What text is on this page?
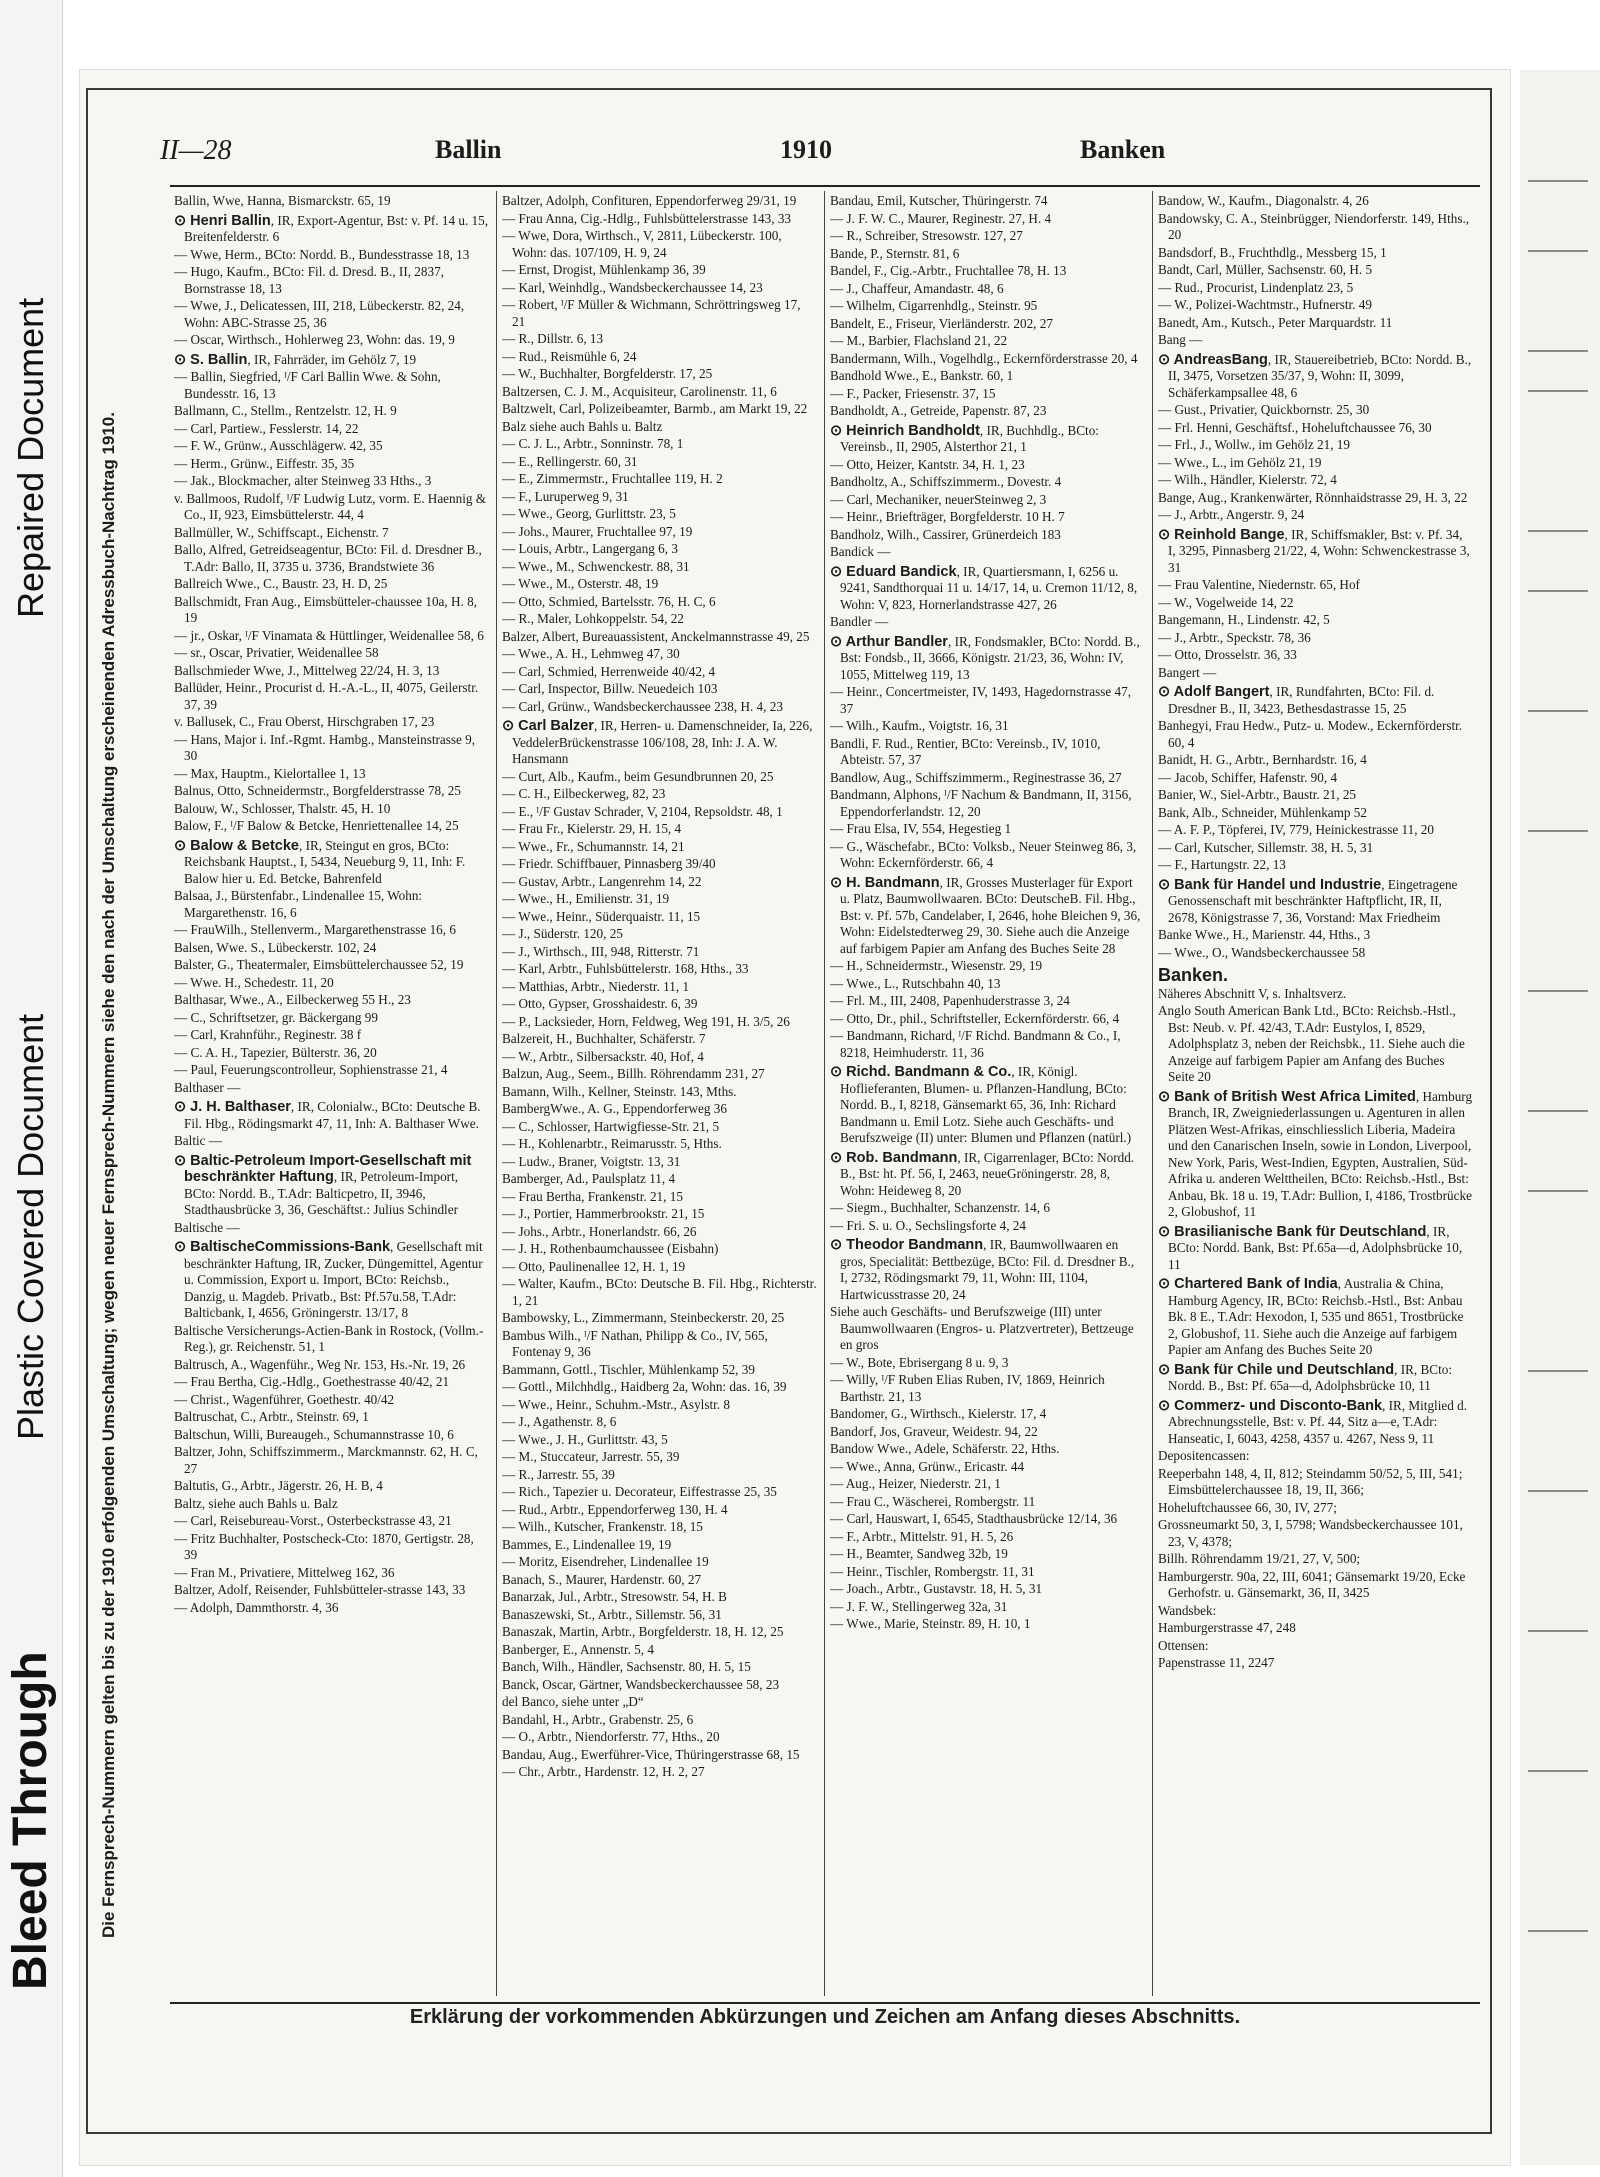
Repaired Document
Plastic Covered Document
Bleed Through
II—28	Ballin	1910	Banken
Die Fernsprech-Nummern gelten bis zu der 1910 erfolgenden Umschaltung; wegen neuer Fernsprech-Nummern siehe den nach der Umschaltung erscheinenden Adressbuch-Nachtrag 1910.
Ballin, Wwe, Hanna, Bismarckstr. 65, 19
⊙ Henri Ballin, IR, Export-Agentur, Bst: v. Pf. 14 u. 15, Breitenfelderstr. 6
— Wwe, Herm., BCto: Nordd. B., Bundesstrasse 18, 13
— Hugo, Kaufm., BCto: Fil. d. Dresd. B., II, 2837, Bornstrasse 18, 13
— Wwe, J., Delicatessen, III, 218, Lübeckerstr. 82, 24, Wohn: ABC-Strasse 25, 36
— Oscar, Wirthsch., Hohlerweg 23, Wohn: das. 19, 9
⊙ S. Ballin, IR, Fahrräder, im Gehölz 7, 19
— Ballin, Siegfried, ᴵ/F Carl Ballin Wwe. & Sohn, Bundesstr. 16, 13
Ballmann, C., Stellm., Rentzelstr. 12, H. 9
— Carl, Partiew., Fesslerstr. 14, 22
— F. W., Grünw., Ausschlägerw. 42, 35
— Herm., Grünw., Eiffestr. 35, 35
— Jak., Blockmacher, alter Steinweg 33 Hths., 3
v. Ballmoos, Rudolf, ᴵ/F Ludwig Lutz, vorm. E. Haennig & Co., II, 923, Eimsbüttelerstr. 44, 4
Ballmüller, W., Schiffscapt., Eichenstr. 7
Ballo, Alfred, Getreidseagentur, BCto: Fil. d. Dresdner B., T.Adr: Ballo, II, 3735 u. 3736, Brandstwiete 36
Ballreich Wwe., C., Baustr. 23, H. D, 25
Ballschmidt, Fran Aug., Eimsbütteler-chaussee 10a, H. 8, 19
— jr., Oskar, ᴵ/F Vinamata & Hüttlinger, Weidenallee 58, 6
— sr., Oscar, Privatier, Weidenallee 58
Ballschmieder Wwe, J., Mittelweg 22/24, H. 3, 13
Ballüder, Heinr., Procurist d. H.-A.-L., II, 4075, Geilerstr. 37, 39
v. Ballusek, C., Frau Oberst, Hirschgraben 17, 23
— Hans, Major i. Inf.-Rgmt. Hambg., Mansteinstrasse 9, 30
— Max, Hauptm., Kielortallee 1, 13
Balnus, Otto, Schneidermstr., Borgfelderstrasse 78, 25
Balouw, W., Schlosser, Thalstr. 45, H. 10
Balow, F., ᴵ/F Balow & Betcke, Henriettenallee 14, 25
⊙ Balow & Betcke, IR, Steingut en gros, BCto: Reichsbank Hauptst., I, 5434, Neueburg 9, 11, Inh: F. Balow hier u. Ed. Betcke, Bahrenfeld
Balsaa, J., Bürstenfabr., Lindenallee 15, Wohn: Margarethenstr. 16, 6
— FrauWilh., Stellenverm., Margarethenstrasse 16, 6
Balsen, Wwe. S., Lübeckerstr. 102, 24
Balster, G., Theatermaler, Eimsbüttelerchaussee 52, 19
— Wwe. H., Schedestr. 11, 20
Balthasar, Wwe., A., Eilbeckerweg 55 H., 23
— C., Schriftsetzer, gr. Bäckergang 99
— Carl, Krahnführ., Reginestr. 38 f
— C. A. H., Tapezier, Bülterstr. 36, 20
— Paul, Feuerungscontrolleur, Sophienstrasse 21, 4
Balthaser —
⊙ J. H. Balthaser, IR, Colonialw., BCto: Deutsche B. Fil. Hbg., Rödingsmarkt 47, 11, Inh: A. Balthaser Wwe.
Baltic —
⊙ Baltic-Petroleum Import-Gesellschaft mit beschränkter Haftung, IR, Petroleum-Import, BCto: Nordd. B., T.Adr: Balticpetro, II, 3946, Stadthausbrücke 3, 36, Geschäftst.: Julius Schindler
Baltische —
⊙ BaltischeCommissions-Bank, Gesellschaft mit beschränkter Haftung, IR, Zucker, Düngemittel, Agentur u. Commission, Export u. Import, BCto: Reichsb., Danzig, u. Magdeb. Privatb., Bst: Pf.57u.58, T.Adr: Balticbank, I, 4656, Gröningerstr. 13/17, 8
Baltische Versicherungs-Actien-Bank in Rostock, (Vollm.-Reg.), gr. Reichenstr. 51, 1
Baltrusch, A., Wagenführ., Weg Nr. 153, Hs.-Nr. 19, 26
— Frau Bertha, Cig.-Hdlg., Goethestrasse 40/42, 21
— Christ., Wagenführer, Goethestr. 40/42
Baltruschat, C., Arbtr., Steinstr. 69, 1
Baltschun, Willi, Bureaugeh., Schumannstrasse 10, 6
Baltzer, John, Schiffszimmerm., Marckmannstr. 62, H. C, 27
Baltutis, G., Arbtr., Jägerstr. 26, H. B, 4
Baltz, siehe auch Bahls u. Balz
— Carl, Reisebureau-Vorst., Osterbeckstrasse 43, 21
— Fritz Buchhalter, Postscheck-Cto: 1870, Gertigstr. 28, 39
— Fran M., Privatiere, Mittelweg 162, 36
Baltzer, Adolf, Reisender, Fuhlsbütteler-strasse 143, 33
— Adolph, Dammthorstr. 4, 36
Baltzer, Adolph, Confituren, Eppendorferweg 29/31, 19
— Frau Anna, Cig.-Hdlg., Fuhlsbüttelerstrasse 143, 33
— Wwe, Dora, Wirthsch., V, 2811, Lübeckerstr. 100, Wohn: das. 107/109, H. 9, 24
— Ernst, Drogist, Mühlenkamp 36, 39
— Karl, Weinhdlg., Wandsbeckerchaussee 14, 23
— Robert, ᴵ/F Müller & Wichmann, Schröttringsweg 17, 21
— R., Dillstr. 6, 13
— Rud., Reismühle 6, 24
— W., Buchhalter, Borgfelderstr. 17, 25
Baltzersen, C. J. M., Acquisiteur, Carolinenstr. 11, 6
Baltzwelt, Carl, Polizeibeamter, Barmb., am Markt 19, 22
Balz siehe auch Bahls u. Baltz
— C. J. L., Arbtr., Sonninstr. 78, 1
— E., Rellingerstr. 60, 31
— E., Zimmermstr., Fruchtallee 119, H. 2
— F., Luruperweg 9, 31
— Wwe., Georg, Gurlittstr. 23, 5
— Johs., Maurer, Fruchtallee 97, 19
— Louis, Arbtr., Langergang 6, 3
— Wwe., M., Schwenckestr. 88, 31
— Wwe., M., Osterstr. 48, 19
— Otto, Schmied, Bartelsstr. 76, H. C, 6
— R., Maler, Lohkoppelstr. 54, 22
Balzer, Albert, Bureauassistent, Anckelmannstrasse 49, 25
— Wwe., A. H., Lehmweg 47, 30
— Carl, Schmied, Herrenweide 40/42, 4
— Carl, Inspector, Billw. Neuedeich 103
— Carl, Grünw., Wandsbeckerchaussee 238, H. 4, 23
⊙ Carl Balzer, IR, Herren- u. Damenschneider, Ia, 226, VeddelerBrückenstrasse 106/108, 28, Inh: J. A. W. Hansmann
— Curt, Alb., Kaufm., beim Gesundbrunnen 20, 25
— C. H., Eilbeckerweg, 82, 23
— E., ᴵ/F Gustav Schrader, V, 2104, Repsoldstr. 48, 1
— Frau Fr., Kielerstr. 29, H. 15, 4
— Wwe., Fr., Schumannstr. 14, 21
— Friedr. Schiffbauer, Pinnasberg 39/40
— Gustav, Arbtr., Langenrehm 14, 22
— Wwe., H., Emilienstr. 31, 19
— Wwe., Heinr., Süderquaistr. 11, 15
— J., Süderstr. 120, 25
— J., Wirthsch., III, 948, Ritterstr. 71
— Karl, Arbtr., Fuhlsbüttelerstr. 168, Hths., 33
— Matthias, Arbtr., Niederstr. 11, 1
— Otto, Gypser, Grosshaidestr. 6, 39
— P., Lacksieder, Horn, Feldweg, Weg 191, H. 3/5, 26
Balzereit, H., Buchhalter, Schäferstr. 7
— W., Arbtr., Silbersackstr. 40, Hof, 4
Balzun, Aug., Seem., Billh. Röhrendamm 231, 27
Bamann, Wilh., Kellner, Steinstr. 143, Mths.
BambergWwe., A. G., Eppendorferweg 36
— C., Schlosser, Hartwigfiesse-Str. 21, 5
— H., Kohlenarbtr., Reimarusstr. 5, Hths.
— Ludw., Braner, Voigtstr. 13, 31
Bamberger, Ad., Paulsplatz 11, 4
— Frau Bertha, Frankenstr. 21, 15
— J., Portier, Hammerbrookstr. 21, 15
— Johs., Arbtr., Honerlandstr. 66, 26
— J. H., Rothenbaumchaussee (Eisbahn)
— Otto, Paulinenallee 12, H. 1, 19
— Walter, Kaufm., BCto: Deutsche B. Fil. Hbg., Richterstr. 1, 21
Bambowsky, L., Zimmermann, Steinbeckerstr. 20, 25
Bambus Wilh., ᴵ/F Nathan, Philipp & Co., IV, 565, Fontenay 9, 36
Bammann, Gottl., Tischler, Mühlenkamp 52, 39
— Gottl., Milchhdlg., Haidberg 2a, Wohn: das. 16, 39
— Wwe., Heinr., Schuhm.-Mstr., Asylstr. 8
— J., Agathenstr. 8, 6
— Wwe., J. H., Gurlittstr. 43, 5
— M., Stuccateur, Jarrestr. 55, 39
— R., Jarrestr. 55, 39
— Rich., Tapezier u. Decorateur, Eiffestrasse 25, 35
— Rud., Arbtr., Eppendorferweg 130, H. 4
— Wilh., Kutscher, Frankenstr. 18, 15
Bammes, E., Lindenallee 19, 19
— Moritz, Eisendreher, Lindenallee 19
Banach, S., Maurer, Hardenstr. 60, 27
Banarzak, Jul., Arbtr., Stresowstr. 54, H. B
Banaszewski, St., Arbtr., Sillemstr. 56, 31
Banaszak, Martin, Arbtr., Borgfelderstr. 18, H. 12, 25
Banberger, E., Annenstr. 5, 4
Banch, Wilh., Händler, Sachsenstr. 80, H. 5, 15
Banck, Oscar, Gärtner, Wandsbeckerchaussee 58, 23
del Banco, siehe unter „D“
Bandahl, H., Arbtr., Grabenstr. 25, 6
— O., Arbtr., Niendorferstr. 77, Hths., 20
Bandau, Aug., Ewerführer-Vice, Thüringerstrasse 68, 15
— Chr., Arbtr., Hardenstr. 12, H. 2, 27
Bandau, Emil, Kutscher, Thüringerstr. 74
— J. F. W. C., Maurer, Reginestr. 27, H. 4
— R., Schreiber, Stresowstr. 127, 27
Bande, P., Sternstr. 81, 6
Bandel, F., Cig.-Arbtr., Fruchtallee 78, H. 13
— J., Chaffeur, Amandastr. 48, 6
— Wilhelm, Cigarrenhdlg., Steinstr. 95
Bandelt, E., Friseur, Vierländerstr. 202, 27
— M., Barbier, Flachsland 21, 22
Bandermann, Wilh., Vogelhdlg., Eckernförderstrasse 20, 4
Bandhold Wwe., E., Bankstr. 60, 1
— F., Packer, Friesenstr. 37, 15
Bandholdt, A., Getreide, Papenstr. 87, 23
⊙ Heinrich Bandholdt, IR, Buchhdlg., BCto: Vereinsb., II, 2905, Alsterthor 21, 1
— Otto, Heizer, Kantstr. 34, H. 1, 23
Bandholtz, A., Schiffszimmerm., Dovestr. 4
— Carl, Mechaniker, neuerSteinweg 2, 3
— Heinr., Briefträger, Borgfelderstr. 10 H. 7
Bandholz, Wilh., Cassirer, Grünerdeich 183
Bandick —
⊙ Eduard Bandick, IR, Quartiersmann, I, 6256 u. 9241, Sandthorquai 11 u. 14/17, 14, u. Cremon 11/12, 8, Wohn: V, 823, Hornerlandstrasse 427, 26
Bandler —
⊙ Arthur Bandler, IR, Fondsmakler, BCto: Nordd. B., Bst: Fondsb., II, 3666, Königstr. 21/23, 36, Wohn: IV, 1055, Mittelweg 119, 13
— Heinr., Concertmeister, IV, 1493, Hagedornstrasse 47, 37
— Wilh., Kaufm., Voigtstr. 16, 31
Bandli, F. Rud., Rentier, BCto: Vereinsb., IV, 1010, Abteistr. 57, 37
Bandlow, Aug., Schiffszimmerm., Reginestrasse 36, 27
Bandmann, Alphons, ᴵ/F Nachum & Bandmann, II, 3156, Eppendorferlandstr. 12, 20
— Frau Elsa, IV, 554, Hegestieg 1
— G., Wäschefabr., BCto: Volksb., Neuer Steinweg 86, 3, Wohn: Eckernförderstr. 66, 4
⊙ H. Bandmann, IR, Grosses Musterlager für Export u. Platz, Baumwollwaaren. BCto: DeutscheB. Fil. Hbg., Bst: v. Pf. 57b, Candelaber, I, 2646, hohe Bleichen 9, 36, Wohn: Eidelstedterweg 29, 30. Siehe auch die Anzeige auf farbigem Papier am Anfang des Buches Seite 28
— H., Schneidermstr., Wiesenstr. 29, 19
— Wwe., L., Rutschbahn 40, 13
— Frl. M., III, 2408, Papenhuderstrasse 3, 24
— Otto, Dr., phil., Schriftsteller, Eckernförderstr. 66, 4
— Bandmann, Richard, ᴵ/F Richd. Bandmann & Co., I, 8218, Heimhuderstr. 11, 36
⊙ Richd. Bandmann & Co., IR, Königl. Hoflieferanten, Blumen- u. Pflanzen-Handlung, BCto: Nordd. B., I, 8218, Gänsemarkt 65, 36, Inh: Richard Bandmann u. Emil Lotz. Siehe auch Geschäfts- und Berufszweige (II) unter: Blumen und Pflanzen (natürl.)
⊙ Rob. Bandmann, IR, Cigarrenlager, BCto: Nordd. B., Bst: ht. Pf. 56, I, 2463, neueGröningerstr. 28, 8, Wohn: Heideweg 8, 20
— Siegm., Buchhalter, Schanzenstr. 14, 6
— Fri. S. u. O., Sechslingsforte 4, 24
⊙ Theodor Bandmann, IR, Baumwollwaaren en gros, Specialität: Bettbezüge, BCto: Fil. d. Dresdner B., I, 2732, Rödingsmarkt 79, 11, Wohn: III, 1104, Hartwicusstrasse 20, 24
Siehe auch Geschäfts- und Berufszweige (III) unter Baumwollwaaren (Engros- u. Platzvertreter), Bettzeuge en gros
— W., Bote, Ebrisergang 8 u. 9, 3
— Willy, ᴵ/F Ruben Elias Ruben, IV, 1869, Heinrich Barthstr. 21, 13
Bandomer, G., Wirthsch., Kielerstr. 17, 4
Bandorf, Jos, Graveur, Weidestr. 94, 22
Bandow Wwe., Adele, Schäferstr. 22, Hths.
— Wwe., Anna, Grünw., Ericastr. 44
— Aug., Heizer, Niederstr. 21, 1
— Frau C., Wäscherei, Rombergstr. 11
— Carl, Hauswart, I, 6545, Stadthausbrücke 12/14, 36
— F., Arbtr., Mittelstr. 91, H. 5, 26
— H., Beamter, Sandweg 32b, 19
— Heinr., Tischler, Rombergstr. 11, 31
— Joach., Arbtr., Gustavstr. 18, H. 5, 31
— J. F. W., Stellingerweg 32a, 31
— Wwe., Marie, Steinstr. 89, H. 10, 1
Bandow, W., Kaufm., Diagonalstr. 4, 26
Bandowsky, C. A., Steinbrügger, Niendorferstr. 149, Hths., 20
Bandsdorf, B., Fruchthdlg., Messberg 15, 1
Bandt, Carl, Müller, Sachsenstr. 60, H. 5
— Rud., Procurist, Lindenplatz 23, 5
— W., Polizei-Wachtmstr., Hufnerstr. 49
Banedt, Am., Kutsch., Peter Marquardstr. 11
Bang —
⊙ AndreasBang, IR, Stauereibetrieb, BCto: Nordd. B., II, 3475, Vorsetzen 35/37, 9, Wohn: II, 3099, Schäferkampsallee 48, 6
— Gust., Privatier, Quickbornstr. 25, 30
— Frl. Henni, Geschäftsf., Hoheluftchaussee 76, 30
— Frl., J., Wollw., im Gehölz 21, 19
— Wwe., L., im Gehölz 21, 19
— Wilh., Händler, Kielerstr. 72, 4
Bange, Aug., Krankenwärter, Rönnhaidstrasse 29, H. 3, 22
— J., Arbtr., Angerstr. 9, 24
⊙ Reinhold Bange, IR, Schiffsmakler, Bst: v. Pf. 34, I, 3295, Pinnasberg 21/22, 4, Wohn: Schwenckestrasse 3, 31
— Frau Valentine, Niedernstr. 65, Hof
— W., Vogelweide 14, 22
Bangemann, H., Lindenstr. 42, 5
— J., Arbtr., Speckstr. 78, 36
— Otto, Drosselstr. 36, 33
Bangert —
⊙ Adolf Bangert, IR, Rundfahrten, BCto: Fil. d. Dresdner B., II, 3423, Bethesdastrasse 15, 25
Banhegyi, Frau Hedw., Putz- u. Modew., Eckernförderstr. 60, 4
Banidt, H. G., Arbtr., Bernhardstr. 16, 4
— Jacob, Schiffer, Hafenstr. 90, 4
Banier, W., Siel-Arbtr., Baustr. 21, 25
Bank, Alb., Schneider, Mühlenkamp 52
— A. F. P., Töpferei, IV, 779, Heinickestrasse 11, 20
— Carl, Kutscher, Sillemstr. 38, H. 5, 31
— F., Hartungstr. 22, 13
⊙ Bank für Handel und Industrie, Eingetragene Genossenschaft mit beschränkter Haftpflicht, IR, II, 2678, Königstrasse 7, 36, Vorstand: Max Friedheim
Banke Wwe., H., Marienstr. 44, Hths., 3
— Wwe., O., Wandsbeckerchaussee 58
Banken.
Näheres Abschnitt V, s. Inhaltsverz.
Anglo South American Bank Ltd., BCto: Reichsb.-Hstl., Bst: Neub. v. Pf. 42/43, T.Adr: Eustylos, I, 8529, Adolphsplatz 3, neben der Reichsbk., 11. Siehe auch die Anzeige auf farbigem Papier am Anfang des Buches Seite 20
⊙ Bank of British West Africa Limited, Hamburg Branch, IR, Zweigniederlassungen u. Agenturen in allen Plätzen West-Afrikas, einschliesslich Liberia, Madeira und den Canarischen Inseln, sowie in London, Liverpool, New York, Paris, West-Indien, Egypten, Australien, Süd-Afrika u. anderen Welttheilen, BCto: Reichsb.-Hstl., Bst: Anbau, Bk. 18 u. 19, T.Adr: Bullion, I, 4186, Trostbrücke 2, Globushof, 11
⊙ Brasilianische Bank für Deutschland, IR, BCto: Nordd. Bank, Bst: Pf.65a—d, Adolphsbrücke 10, 11
⊙ Chartered Bank of India, Australia & China, Hamburg Agency, IR, BCto: Reichsb.-Hstl., Bst: Anbau Bk. 8 E., T.Adr: Hexodon, I, 535 und 8651, Trostbrücke 2, Globushof, 11. Siehe auch die Anzeige auf farbigem Papier am Anfang des Buches Seite 20
⊙ Bank für Chile und Deutschland, IR, BCto: Nordd. B., Bst: Pf. 65a—d, Adolphsbrücke 10, 11
⊙ Commerz- und Disconto-Bank, IR, Mitglied d. Abrechnungsstelle, Bst: v. Pf. 44, Sitz a—e, T.Adr: Hanseatic, I, 6043, 4258, 4357 u. 4267, Ness 9, 11
Depositencassen:
Reeperbahn 148, 4, II, 812; Steindamm 50/52, 5, III, 541; Eimsbüttelerchaussee 18, 19, II, 366;
Hoheluftchaussee 66, 30, IV, 277;
Grossneumarkt 50, 3, I, 5798; Wandsbeckerchaussee 101, 23, V, 4378;
Billh. Röhrendamm 19/21, 27, V, 500;
Hamburgerstr. 90a, 22, III, 6041; Gänsemarkt 19/20, Ecke Gerhofstr. u. Gänsemarkt, 36, II, 3425
Wandsbek:
Hamburgerstrasse 47, 248
Ottensen:
Papenstrasse 11, 2247
Erklärung der vorkommenden Abkürzungen und Zeichen am Anfang dieses Abschnitts.
